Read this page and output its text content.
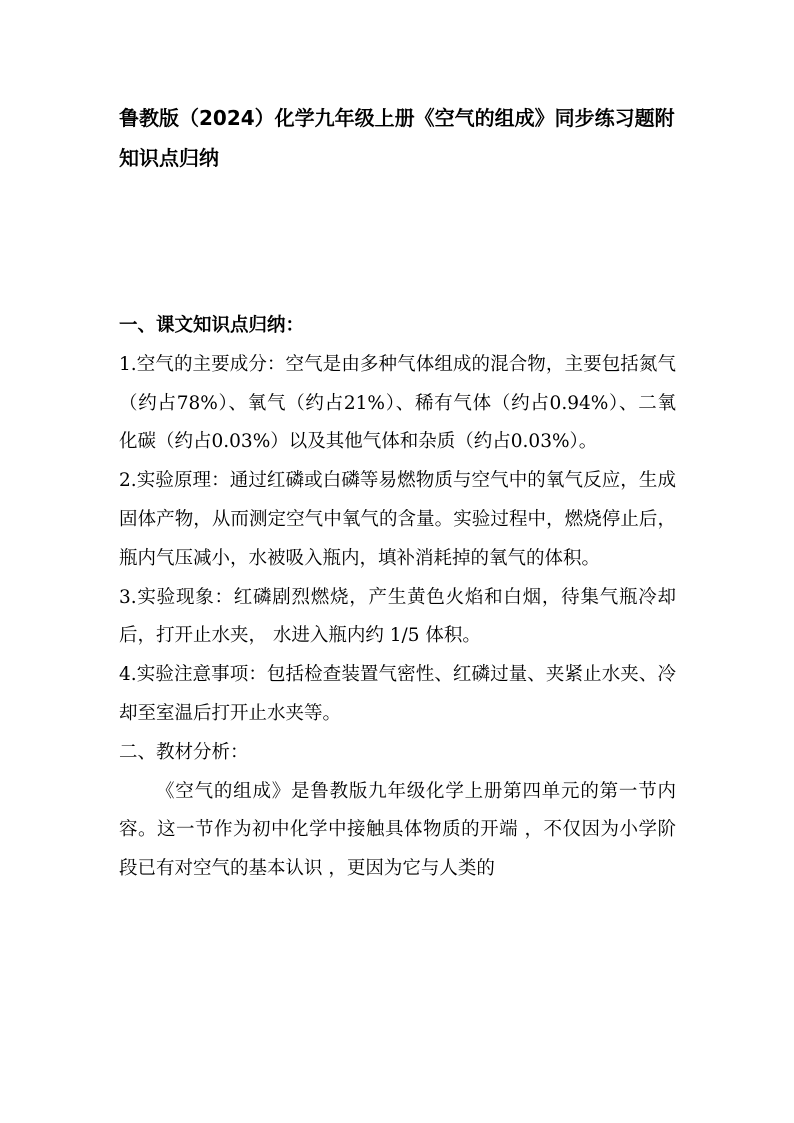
鲁教版（2024）化学九年级上册《空气的组成》同步练习题附知识点归纳

一、课文知识点归纳：

1.空气的主要成分：空气是由多种气体组成的混合物，主要包括氮气（约占78%）、氧气（约占21%）、稀有气体（约占0.94%）、二氧化碳（约占0.03%）以及其他气体和杂质（约占0.03%）。

2.实验原理：通过红磷或白磷等易燃物质与空气中的氧气反应，生成固体产物，从而测定空气中氧气的含量。实验过程中，燃烧停止后，瓶内气压减小，水被吸入瓶内，填补消耗掉的氧气的体积。

3.实验现象：红磷剧烈燃烧，产生黄色火焰和白烟，待集气瓶冷却后，打开止水夹， 水进入瓶内约 1/5 体积。

4.实验注意事项：包括检查装置气密性、红磷过量、夹紧止水夹、冷却至室温后打开止水夹等。

二、教材分析：

《空气的组成》是鲁教版九年级化学上册第四单元的第一节内容。这一节作为初中化学中接触具体物质的开端 ，不仅因为小学阶段已有对空气的基本认识 ，更因为它与人类的
